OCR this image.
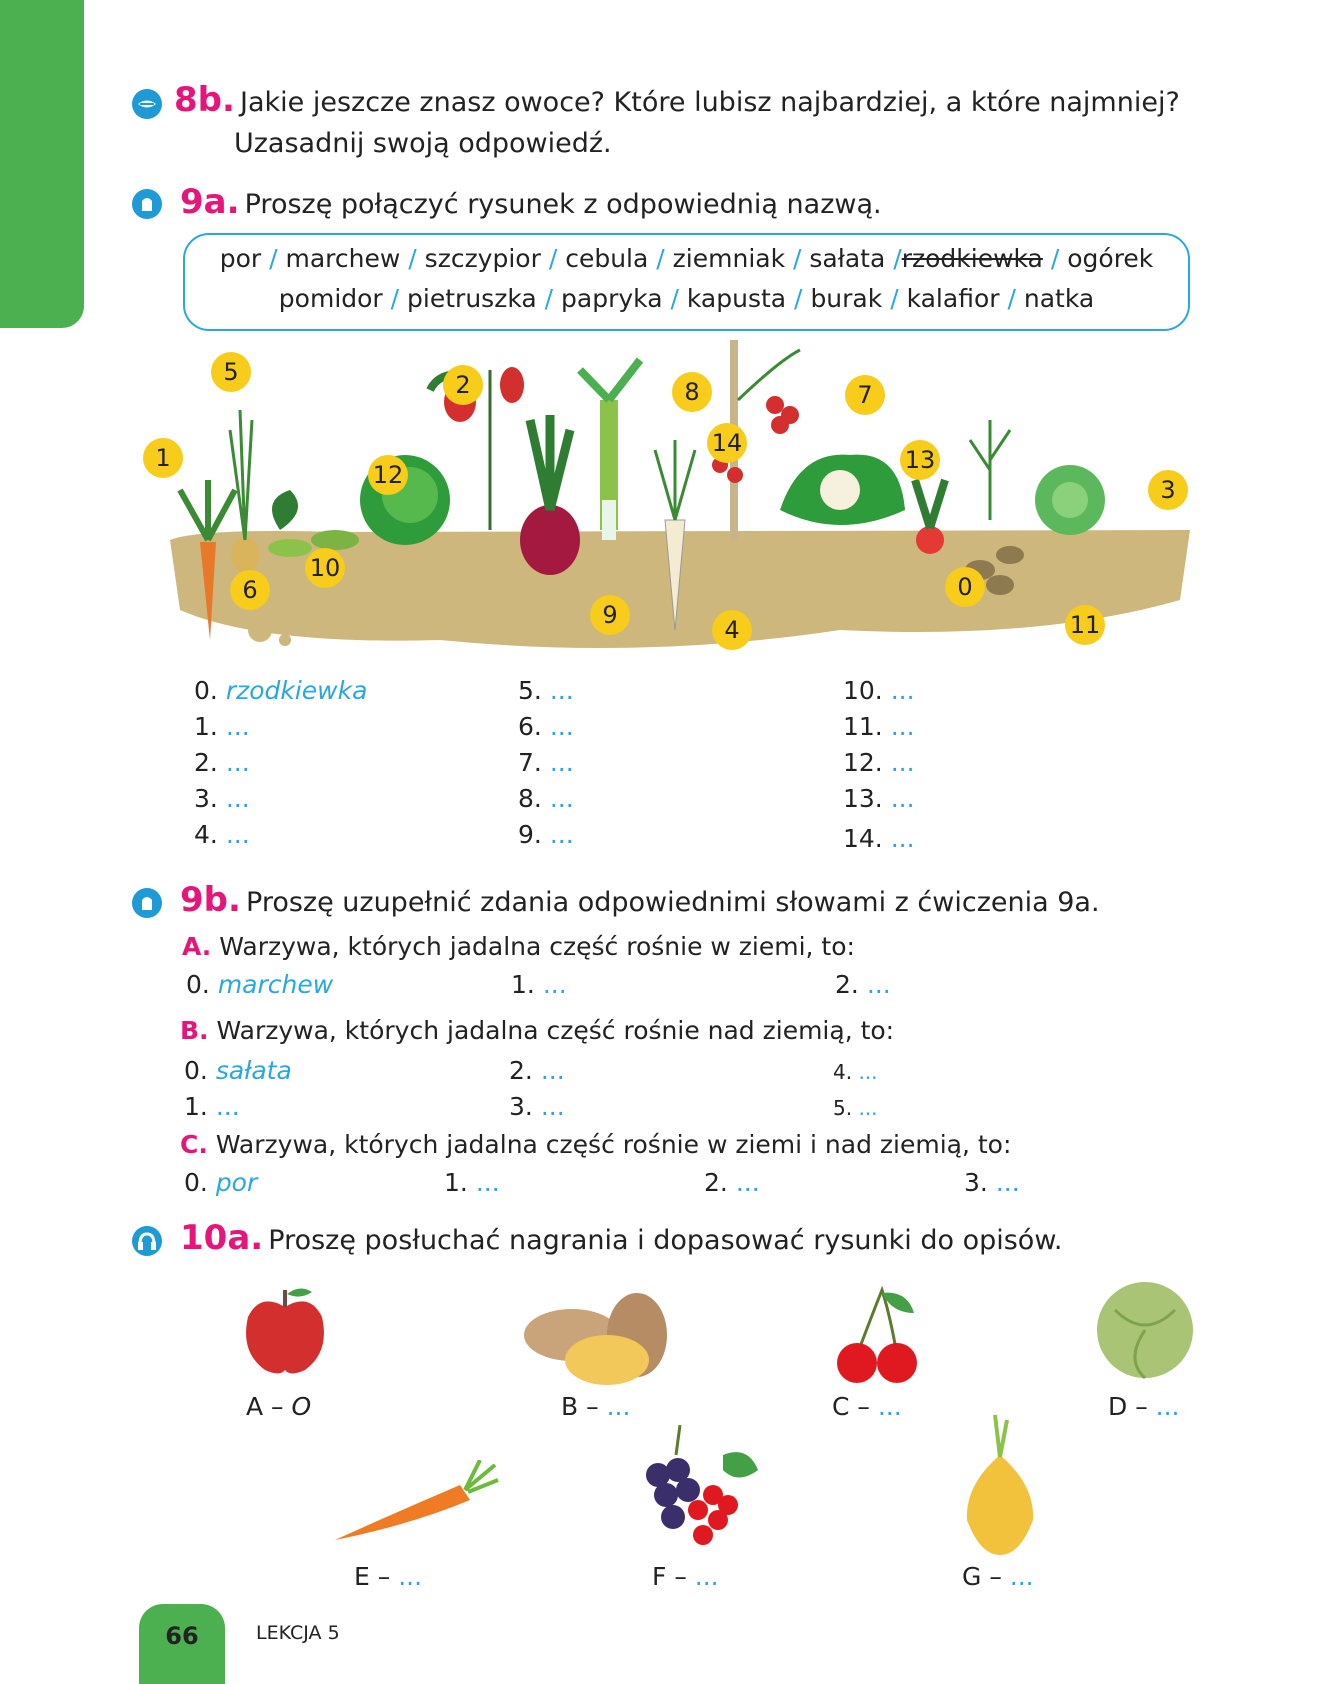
66	LEKCJA 5
8b. Jakie jeszcze znasz owoce? Które lubisz najbardziej, a które najmniej?
Uzasadnij swoją odpowiedź.
9a. Proszę połączyć rysunek z odpowiednią nazwą.
por / marchew / szczypior / cebula / ziemniak / sałata /rzodkiewka / ogórek
pomidor / pietruszka / papryka / kapusta / burak / kalafior / natka
1
5
6
10
12
2
9
8
14
4
7
13
0
11
3
0. rzodkiewka
1. ...
2. ...
3. ...
4. ...
5. ...
6. ...
7. ...
8. ...
9. ...
10. ...
11. ...
12. ...
13. ...
14. ...
9b. Proszę uzupełnić zdania odpowiednimi słowami z ćwiczenia 9a.
A. Warzywa, których jadalna część rośnie w ziemi, to:
0. marchew	1. ...	2. ...
B. Warzywa, których jadalna część rośnie nad ziemią, to:
0. sałata
1. ...
2. ...
3. ...
4. ...
5. ...
C. Warzywa, których jadalna część rośnie w ziemi i nad ziemią, to:
0. por	1. ...	2. ...	3. ...
10a. Proszę posłuchać nagrania i dopasować rysunki do opisów.
A – O	B – ...	C – ...	D – ...
E – ...	F – ...	G – ...
